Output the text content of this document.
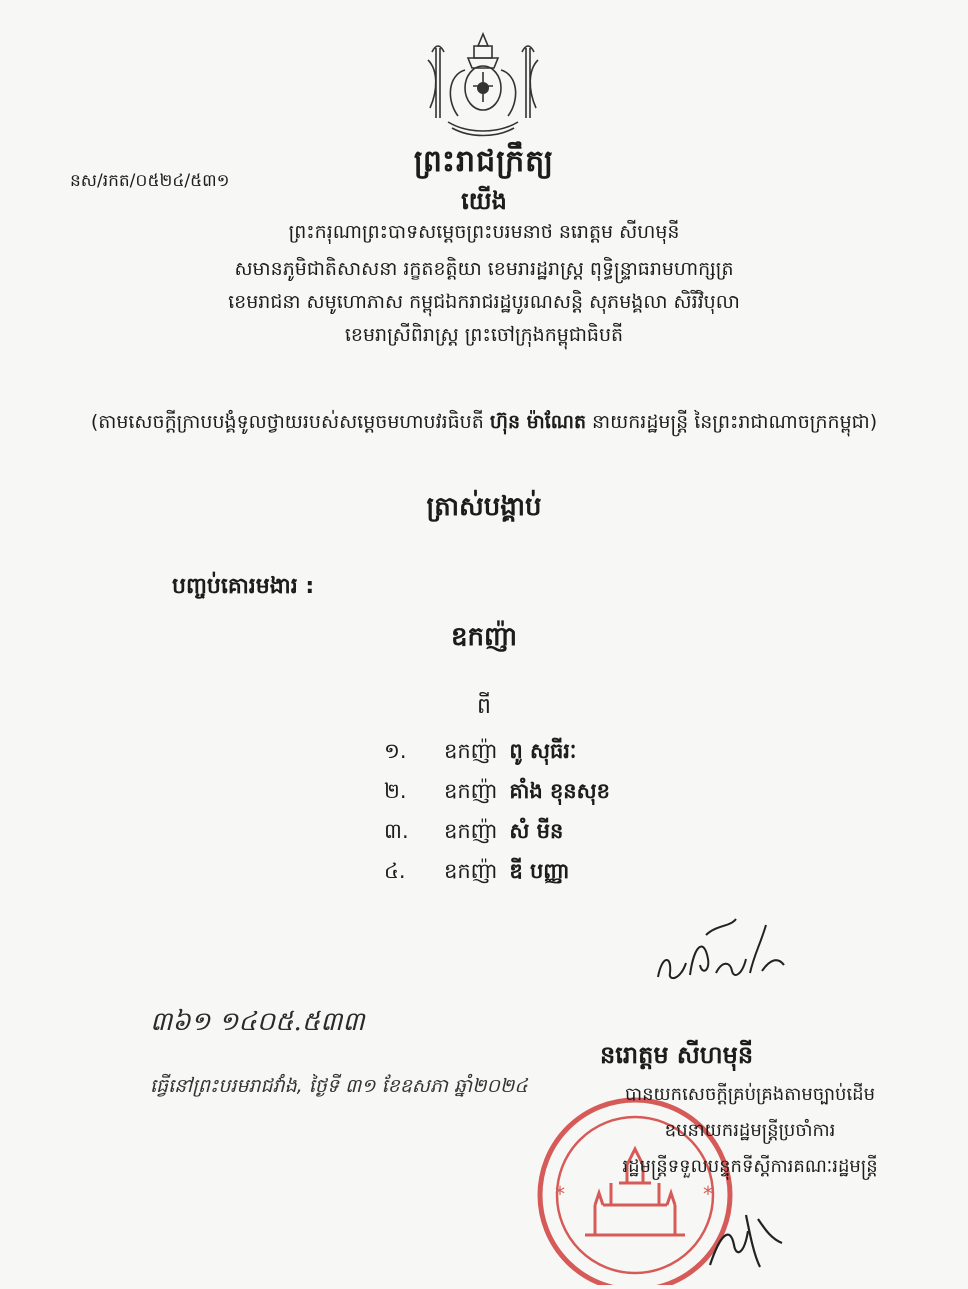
ព្រះរាជក្រឹត្យ
នស/រកត/០៥២៤/៥៣១
យើង
ព្រះករុណាព្រះបាទសម្តេចព្រះបរមនាថ នរោត្តម សីហមុនី
សមានភូមិជាតិសាសនា រក្ខតខត្តិយា ខេមរារដ្ឋរាស្ត្រ ពុទ្ធិន្ទ្រាធរាមហាក្សត្រ
ខេមរាជនា សមូហោភាស កម្ពុជឯករាជរដ្ឋបូរណសន្តិ សុភមង្គលា សិរីវិបុលា
ខេមរាស្រីពិរាស្ត្រ ព្រះចៅក្រុងកម្ពុជាធិបតី
(តាមសេចក្តីក្រាបបង្គំទូលថ្វាយរបស់សម្តេចមហាបវរធិបតី ហ៊ុន ម៉ាណែត នាយករដ្ឋមន្ត្រី នៃព្រះរាជាណាចក្រកម្ពុជា)
ត្រាស់បង្គាប់
បញ្ចប់គោរមងារ :
ឧកញ៉ា
ពី
១.	ឧកញ៉ា ពូ សុធីរៈ
២.	ឧកញ៉ា គាំង ខុនសុខ
៣.	ឧកញ៉ា សំ មីន
៤.	ឧកញ៉ា ឌី បញ្ញា
៣៦១ ១៤០៥.៥៣៣
នរោត្តម សីហមុនី
ធ្វើនៅព្រះបរមរាជវាំង, ថ្ងៃទី ៣១ ខែឧសភា ឆ្នាំ២០២៤
*	*
បានយកសេចក្តីគ្រប់គ្រងតាមច្បាប់ដើម
ឧបនាយករដ្ឋមន្ត្រីប្រចាំការ
រដ្ឋមន្ត្រីទទួលបន្ទុកទីស្តីការគណៈរដ្ឋមន្ត្រី
